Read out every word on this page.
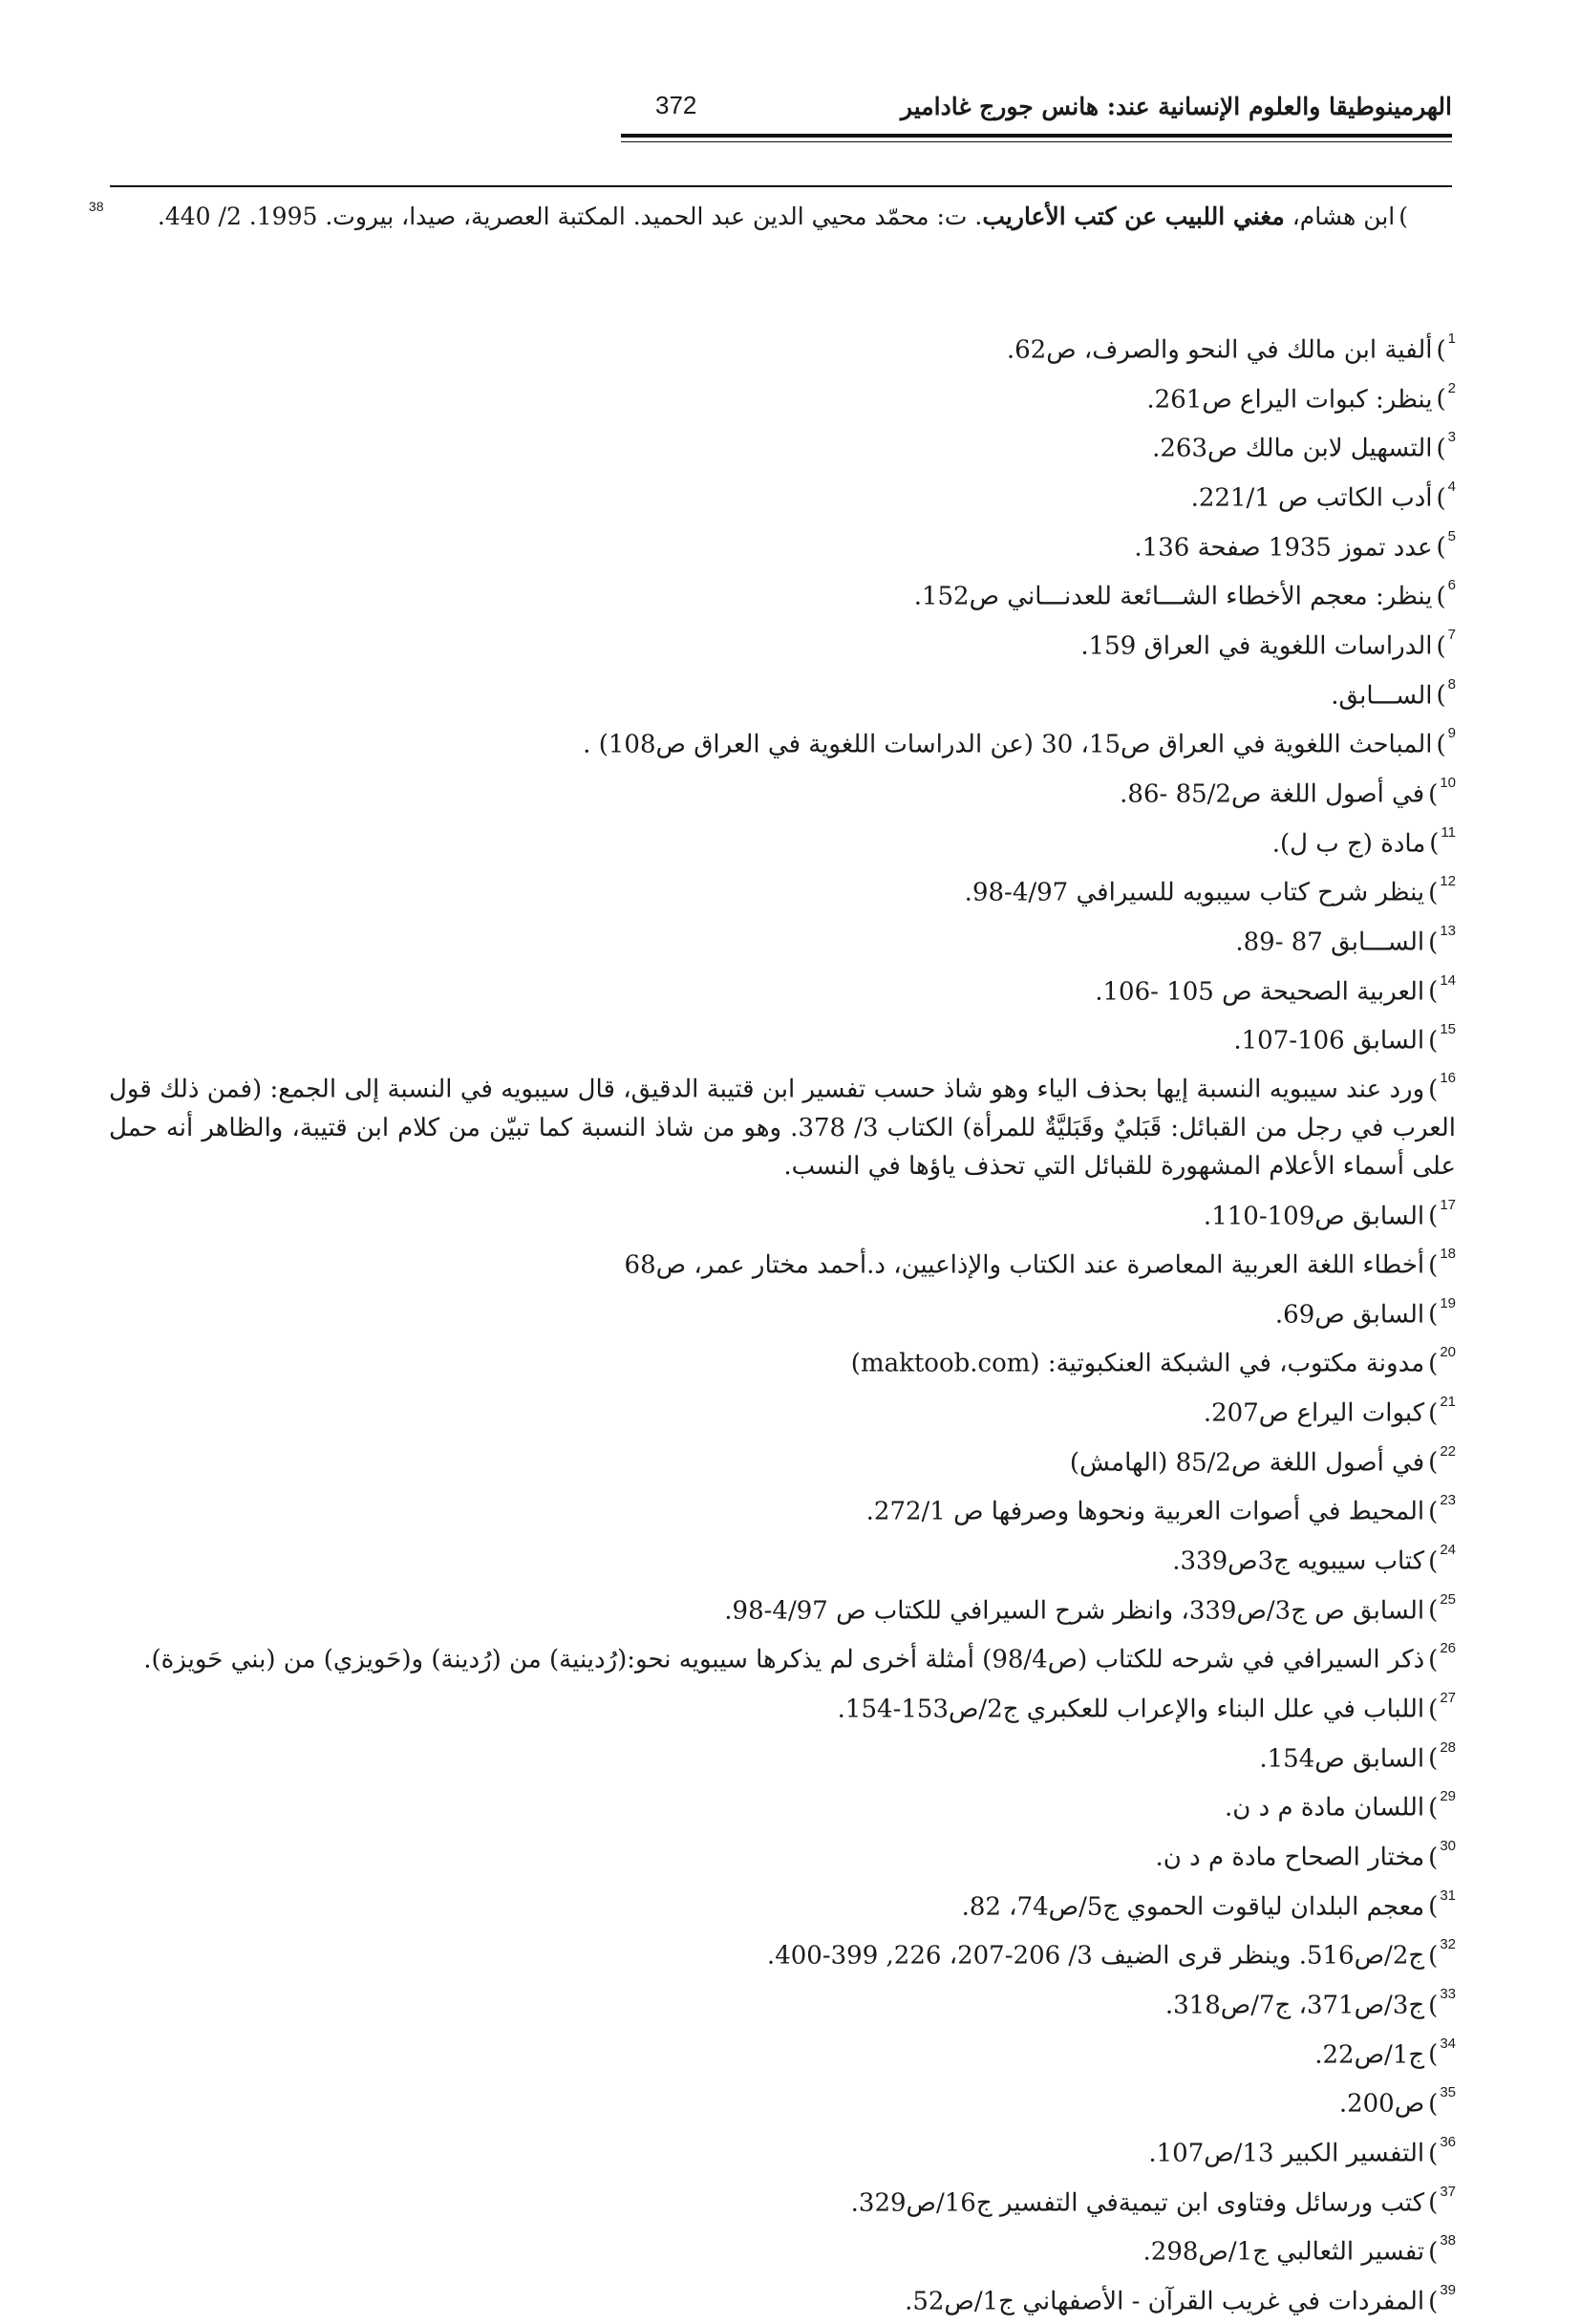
الهرمينوطيقا والعلوم الإنسانية عند: هانس جورج غادامير
372
)ابن هشام، مغني اللبيب عن كتب الأعاريب. ت: محمّد محيي الدين عبد الحميد. المكتبة العصرية، صيدا، بيروت. 1995. 2/ 440.
38
$^1$)ألفية ابن مالك في النحو والصرف، ص62.
$^2$)ينظر: كبوات اليراع ص261.
$^3$)التسهيل لابن مالك ص263.
$^4$)أدب الكاتب ص 221/1.
$^5$)عدد تموز 1935 صفحة 136.
$^6$)ينظر: معجم الأخطاء الشـــائعة للعدنـــاني ص152.
$^7$)الدراسات اللغوية في العراق 159.
$^8$)الســـابق.
$^9$)المباحث اللغوية في العراق ص15، 30 (عن الدراسات اللغوية في العراق ص108) .
$^{10}$)في أصول اللغة ص85/2 -86.
$^{11}$)مادة (ج ب ل).
$^{12}$)ينظر شرح كتاب سيبويه للسيرافي 4/97-98.
$^{13}$)الســـابق 87 -89.
$^{14}$)العربية الصحيحة ص 105 -106.
$^{15}$)السابق 106-107.
$^{16}$)ورد عند سيبويه النسبة إيها بحذف الياء وهو شاذ حسب تفسير ابن قتيبة الدقيق، قال سيبويه في النسبة إلى الجمع: (فمن ذلك قول العرب في رجل من القبائل: قَبَليٌ وقَبَليَّةٌ للمرأة) الكتاب 3/ 378. وهو من شاذ النسبة كما تبيّن من كلام ابن قتيبة، والظاهر أنه حمل على أسماء الأعلام المشهورة للقبائل التي تحذف ياؤها في النسب.
$^{17}$)السابق ص109-110.
$^{18}$)أخطاء اللغة العربية المعاصرة عند الكتاب والإذاعيين، د.أحمد مختار عمر، ص68
$^{19}$)السابق ص69.
$^{20}$)مدونة مكتوب، في الشبكة العنكبوتية: (maktoob.com)
$^{21}$)كبوات اليراع ص207.
$^{22}$)في أصول اللغة ص85/2 (الهامش)
$^{23}$)المحيط في أصوات العربية ونحوها وصرفها ص 272/1.
$^{24}$)كتاب سيبويه ج3ص339.
$^{25}$)السابق ص ج3/ص339، وانظر شرح السيرافي للكتاب ص 4/97-98.
$^{26}$)ذكر السيرافي في شرحه للكتاب (ص98/4) أمثلة أخرى لم يذكرها سيبويه نحو:(رُدينية) من (رُدينة) و(حَويزي) من (بني حَويزة).
$^{27}$)اللباب في علل البناء والإعراب للعكبري ج2/ص153-154.
$^{28}$)السابق ص154.
$^{29}$)اللسان مادة م د ن.
$^{30}$)مختار الصحاح مادة م د ن.
$^{31}$)معجم البلدان لياقوت الحموي ج5/ص74، 82.
$^{32}$)ج2/ص516. وينظر قرى الضيف 3/ 206-207، 226, 399-400.
$^{33}$)ج3/ص371، ج7/ص318.
$^{34}$)ج1/ص22.
$^{35}$)ص200.
$^{36}$)التفسير الكبير 13/ص107.
$^{37}$)كتب ورسائل وفتاوى ابن تيميةفي التفسير ج16/ص329.
$^{38}$)تفسير الثعالبي ج1/ص298.
$^{39}$)المفردات في غريب القرآن - الأصفهاني ج1/ص52.
